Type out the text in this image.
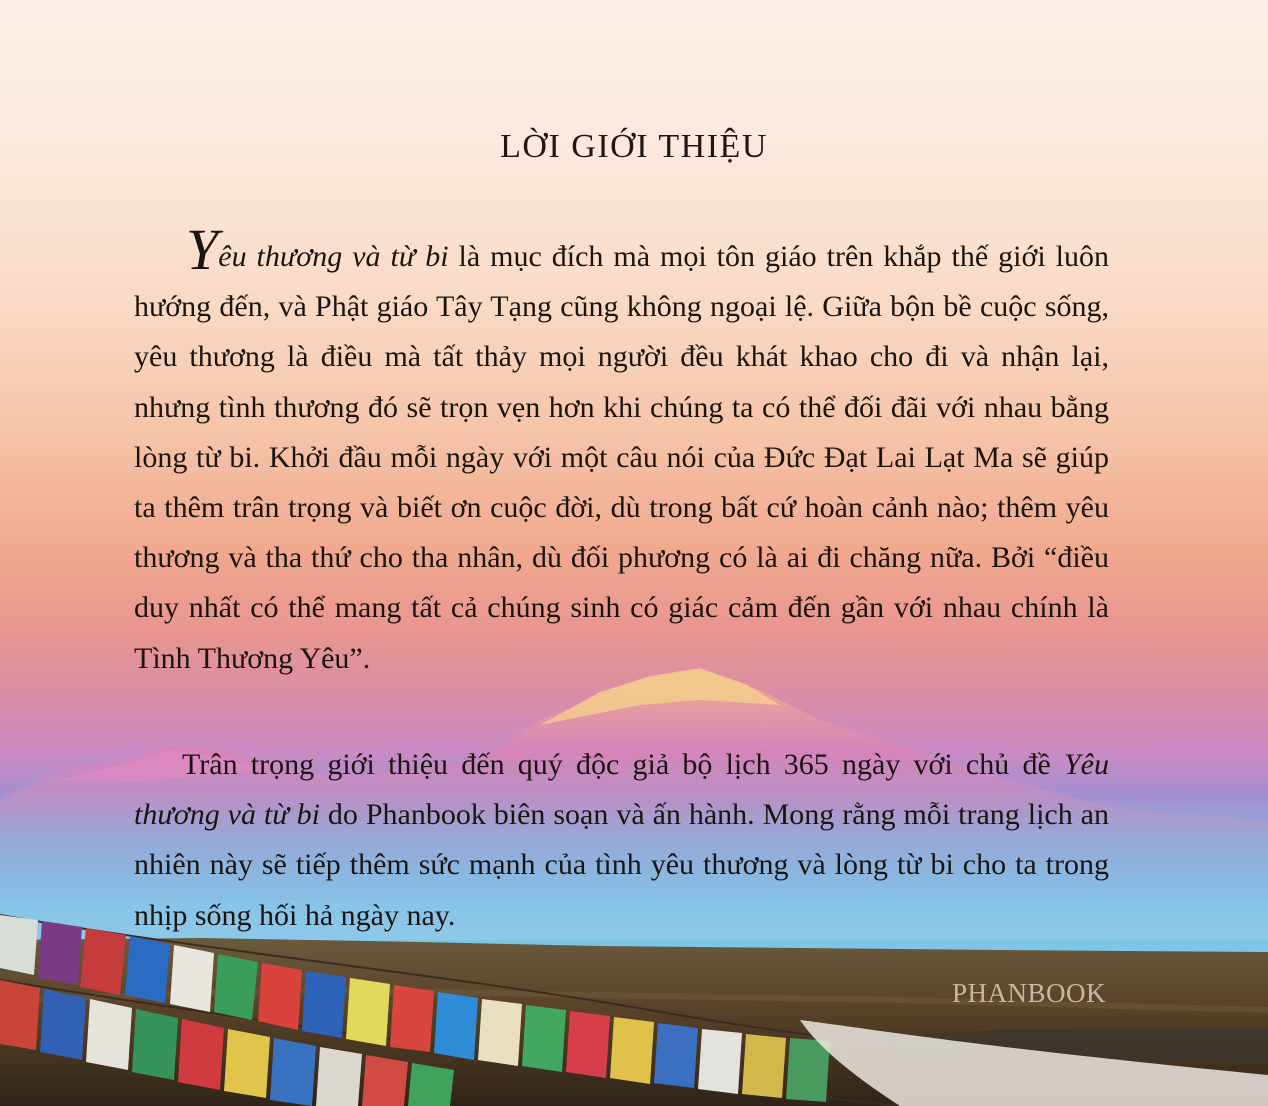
LỜI GIỚI THIỆU

Yêu thương và từ bi là mục đích mà mọi tôn giáo trên khắp thế giới luôn hướng đến, và Phật giáo Tây Tạng cũng không ngoại lệ. Giữa bộn bề cuộc sống, yêu thương là điều mà tất thảy mọi người đều khát khao cho đi và nhận lại, nhưng tình thương đó sẽ trọn vẹn hơn khi chúng ta có thể đối đãi với nhau bằng lòng từ bi. Khởi đầu mỗi ngày với một câu nói của Đức Đạt Lai Lạt Ma sẽ giúp ta thêm trân trọng và biết ơn cuộc đời, dù trong bất cứ hoàn cảnh nào; thêm yêu thương và tha thứ cho tha nhân, dù đối phương có là ai đi chăng nữa. Bởi “điều duy nhất có thể mang tất cả chúng sinh có giác cảm đến gần với nhau chính là Tình Thương Yêu”.

Trân trọng giới thiệu đến quý độc giả bộ lịch 365 ngày với chủ đề Yêu thương và từ bi do Phanbook biên soạn và ấn hành. Mong rằng mỗi trang lịch an nhiên này sẽ tiếp thêm sức mạnh của tình yêu thương và lòng từ bi cho ta trong nhịp sống hối hả ngày nay.

PHANBOOK
